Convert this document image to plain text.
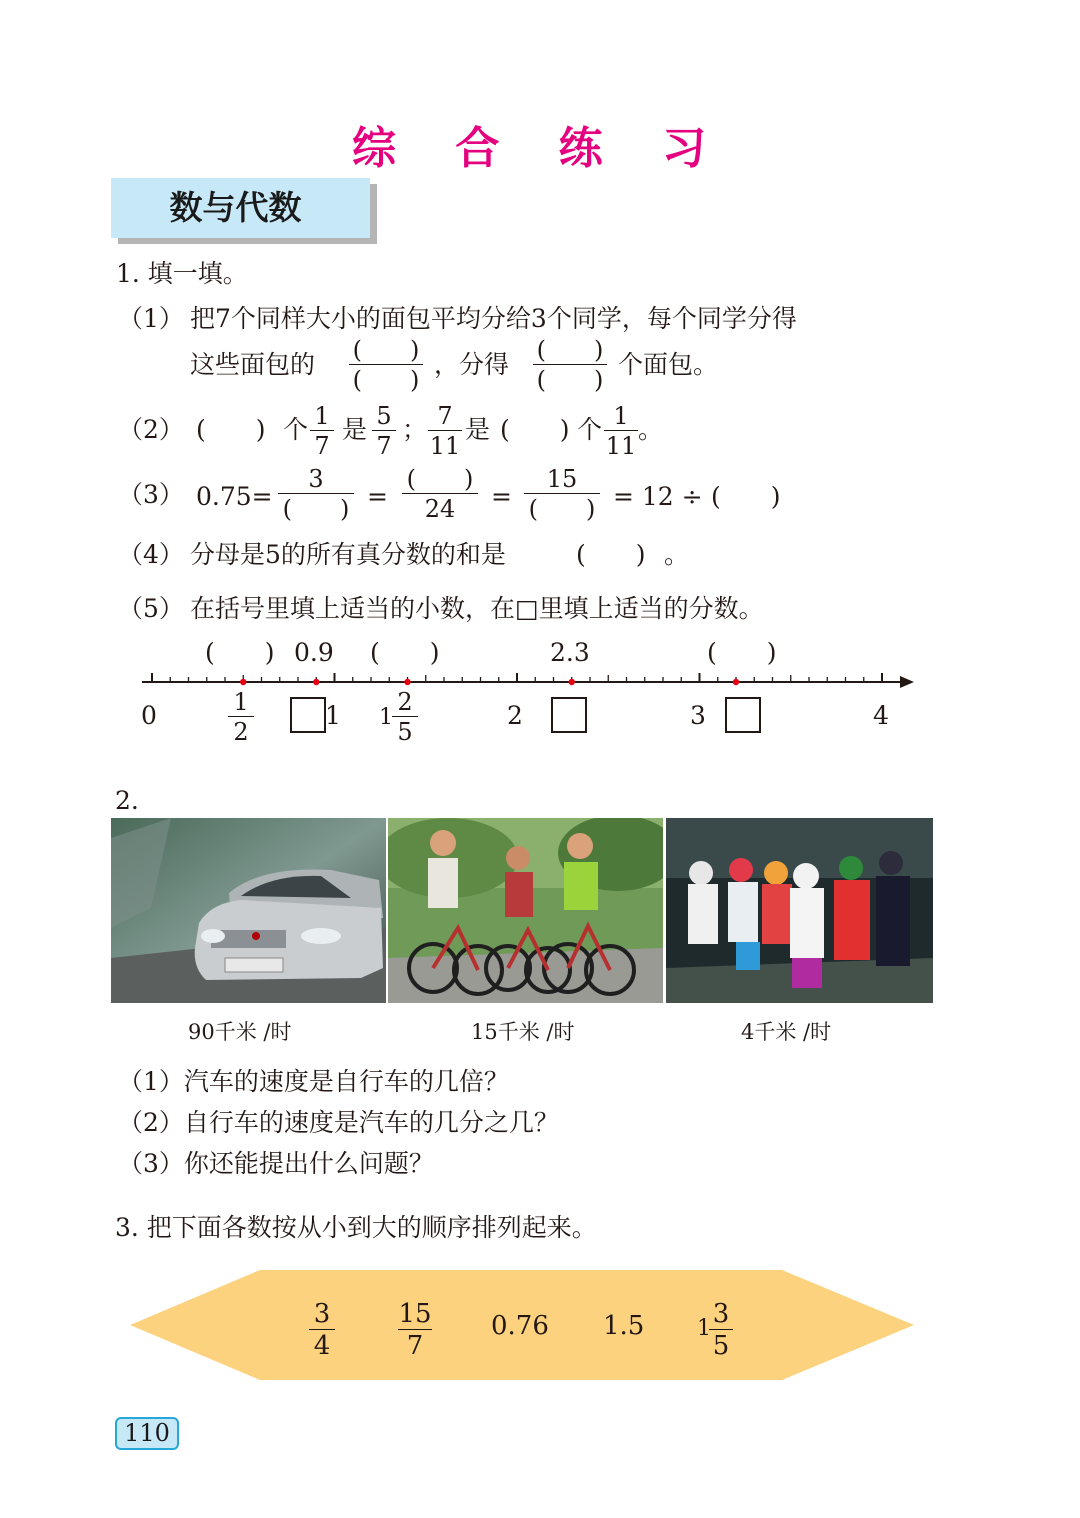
综 合 练 习
数与代数
1. 填一填。
（1） 把7个同样大小的面包平均分给3个同学，每个同学分得
这些面包的 (　　)
(　　)
，分得 (　　)
(　　)
个面包。
（2） (　　) 个 1
7
是 5
7
； 7
11
是 (　　) 个 1
11
。
（3） 0.75=
3
(　　) =
(　　)
24	=
15
(　　) = 12 ÷ (　　)
（4） 分母是5的所有真分数的和是	(　　) 。
（5） 在括号里填上适当的小数，在□里填上适当的分数。
(　　) 0.9 (　　)	2.3	(　　)
0	1
2
1 1
2
5
2	3	4
2.
90千米 /时	15千米 /时	4千米 /时
（1）汽车的速度是自行车的几倍？
（2）自行车的速度是汽车的几分之几？
（3）你还能提出什么问题？
3. 把下面各数按从小到大的顺序排列起来。
3
4
15
7
0.76 1.5 1 3
5
110
